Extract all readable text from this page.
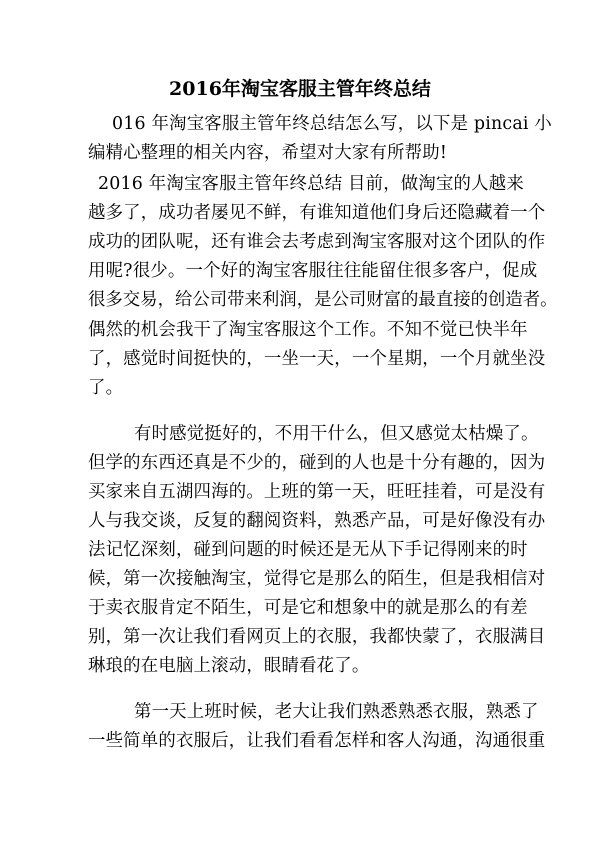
2016年淘宝客服主管年终总结
016 年淘宝客服主管年终总结怎么写，以下是 pincai 小
编精心整理的相关内容，希望对大家有所帮助!
2016 年淘宝客服主管年终总结 目前，做淘宝的人越来
越多了，成功者屡见不鲜，有谁知道他们身后还隐藏着一个
成功的团队呢，还有谁会去考虑到淘宝客服对这个团队的作
用呢?很少。一个好的淘宝客服往往能留住很多客户，促成
很多交易，给公司带来利润，是公司财富的最直接的创造者。
偶然的机会我干了淘宝客服这个工作。不知不觉已快半年
了，感觉时间挺快的，一坐一天，一个星期，一个月就坐没
了。
有时感觉挺好的，不用干什么，但又感觉太枯燥了。
但学的东西还真是不少的，碰到的人也是十分有趣的，因为
买家来自五湖四海的。上班的第一天，旺旺挂着，可是没有
人与我交谈，反复的翻阅资料，熟悉产品，可是好像没有办
法记忆深刻，碰到问题的时候还是无从下手记得刚来的时
候，第一次接触淘宝，觉得它是那么的陌生，但是我相信对
于卖衣服肯定不陌生，可是它和想象中的就是那么的有差
别，第一次让我们看网页上的衣服，我都快蒙了，衣服满目
琳琅的在电脑上滚动，眼睛看花了。
第一天上班时候，老大让我们熟悉熟悉衣服，熟悉了
一些简单的衣服后，让我们看看怎样和客人沟通，沟通很重
